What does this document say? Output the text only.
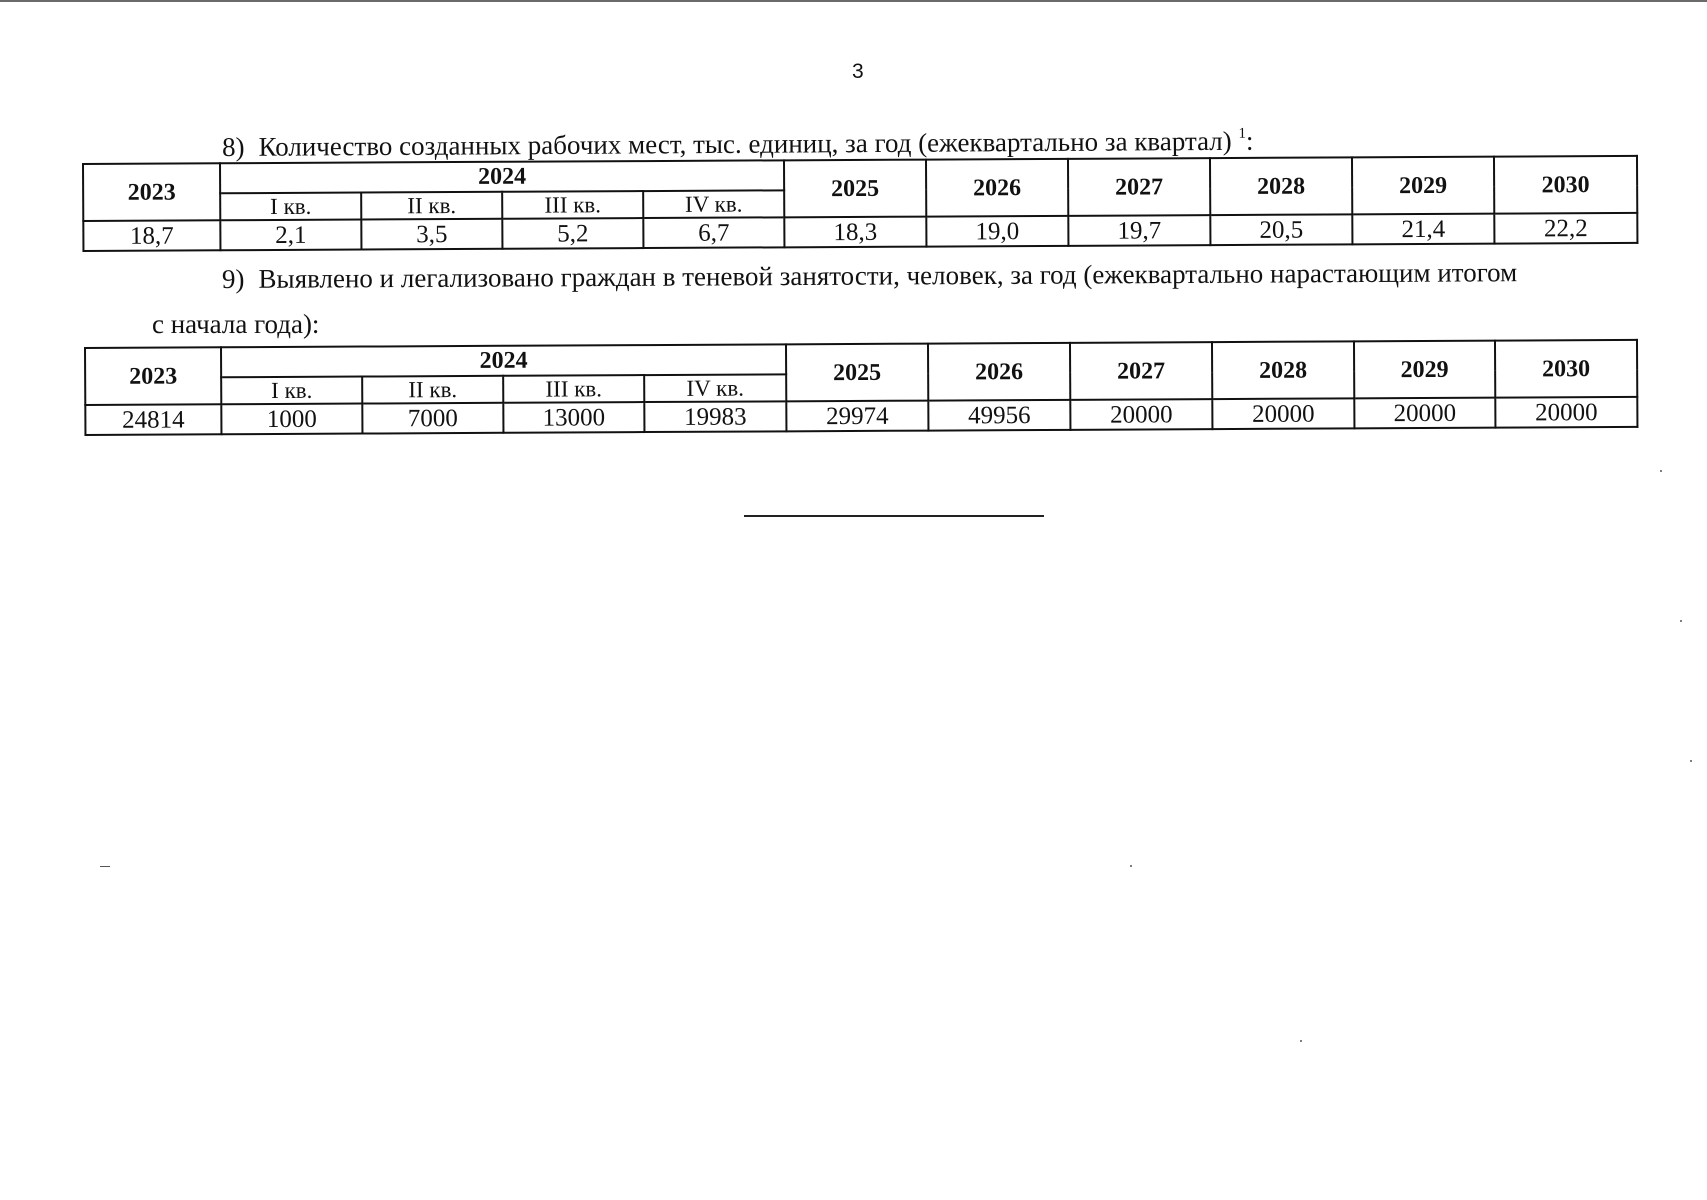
3
8) Количество созданных рабочих мест, тыс. единиц, за год (ежеквартально за квартал) $^1$:
2023	2024				2025	2026	2027	2028	2029	2030
	I кв.	II кв.	III кв.	IV кв.						
18,7	2,1	3,5	5,2	6,7	18,3	19,0	19,7	20,5	21,4	22,2
9) Выявлено и легализовано граждан в теневой занятости, человек, за год (ежеквартально нарастающим итогом
с начала года):
2023	2024				2025	2026	2027	2028	2029	2030
	I кв.	II кв.	III кв.	IV кв.						
24814	1000	7000	13000	19983	29974	49956	20000	20000	20000	20000
